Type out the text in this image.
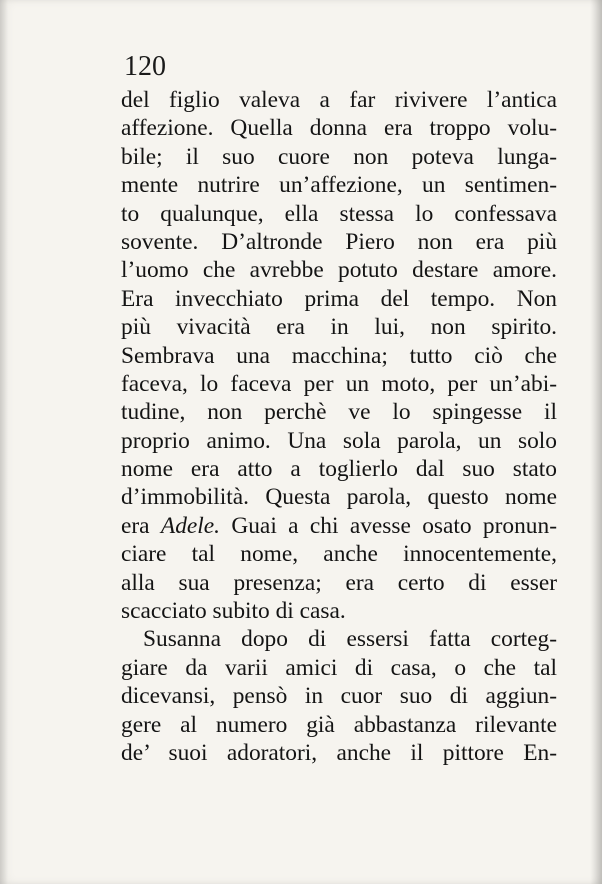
120
del figlio valeva a far rivivere l’antica
affezione. Quella donna era troppo volu-
bile; il suo cuore non poteva lunga-
mente nutrire un’affezione, un sentimen-
to qualunque, ella stessa lo confessava
sovente. D’altronde Piero non era più
l’uomo che avrebbe potuto destare amore.
Era invecchiato prima del tempo. Non
più vivacità era in lui, non spirito.
Sembrava una macchina; tutto ciò che
faceva, lo faceva per un moto, per un’abi-
tudine, non perchè ve lo spingesse il
proprio animo. Una sola parola, un solo
nome era atto a toglierlo dal suo stato
d’immobilità. Questa parola, questo nome
era Adele. Guai a chi avesse osato pronun-
ciare tal nome, anche innocentemente,
alla sua presenza; era certo di esser
scacciato subito di casa.
Susanna dopo di essersi fatta corteg-
giare da varii amici di casa, o che tal
dicevansi, pensò in cuor suo di aggiun-
gere al numero già abbastanza rilevante
de’ suoi adoratori, anche il pittore En-
